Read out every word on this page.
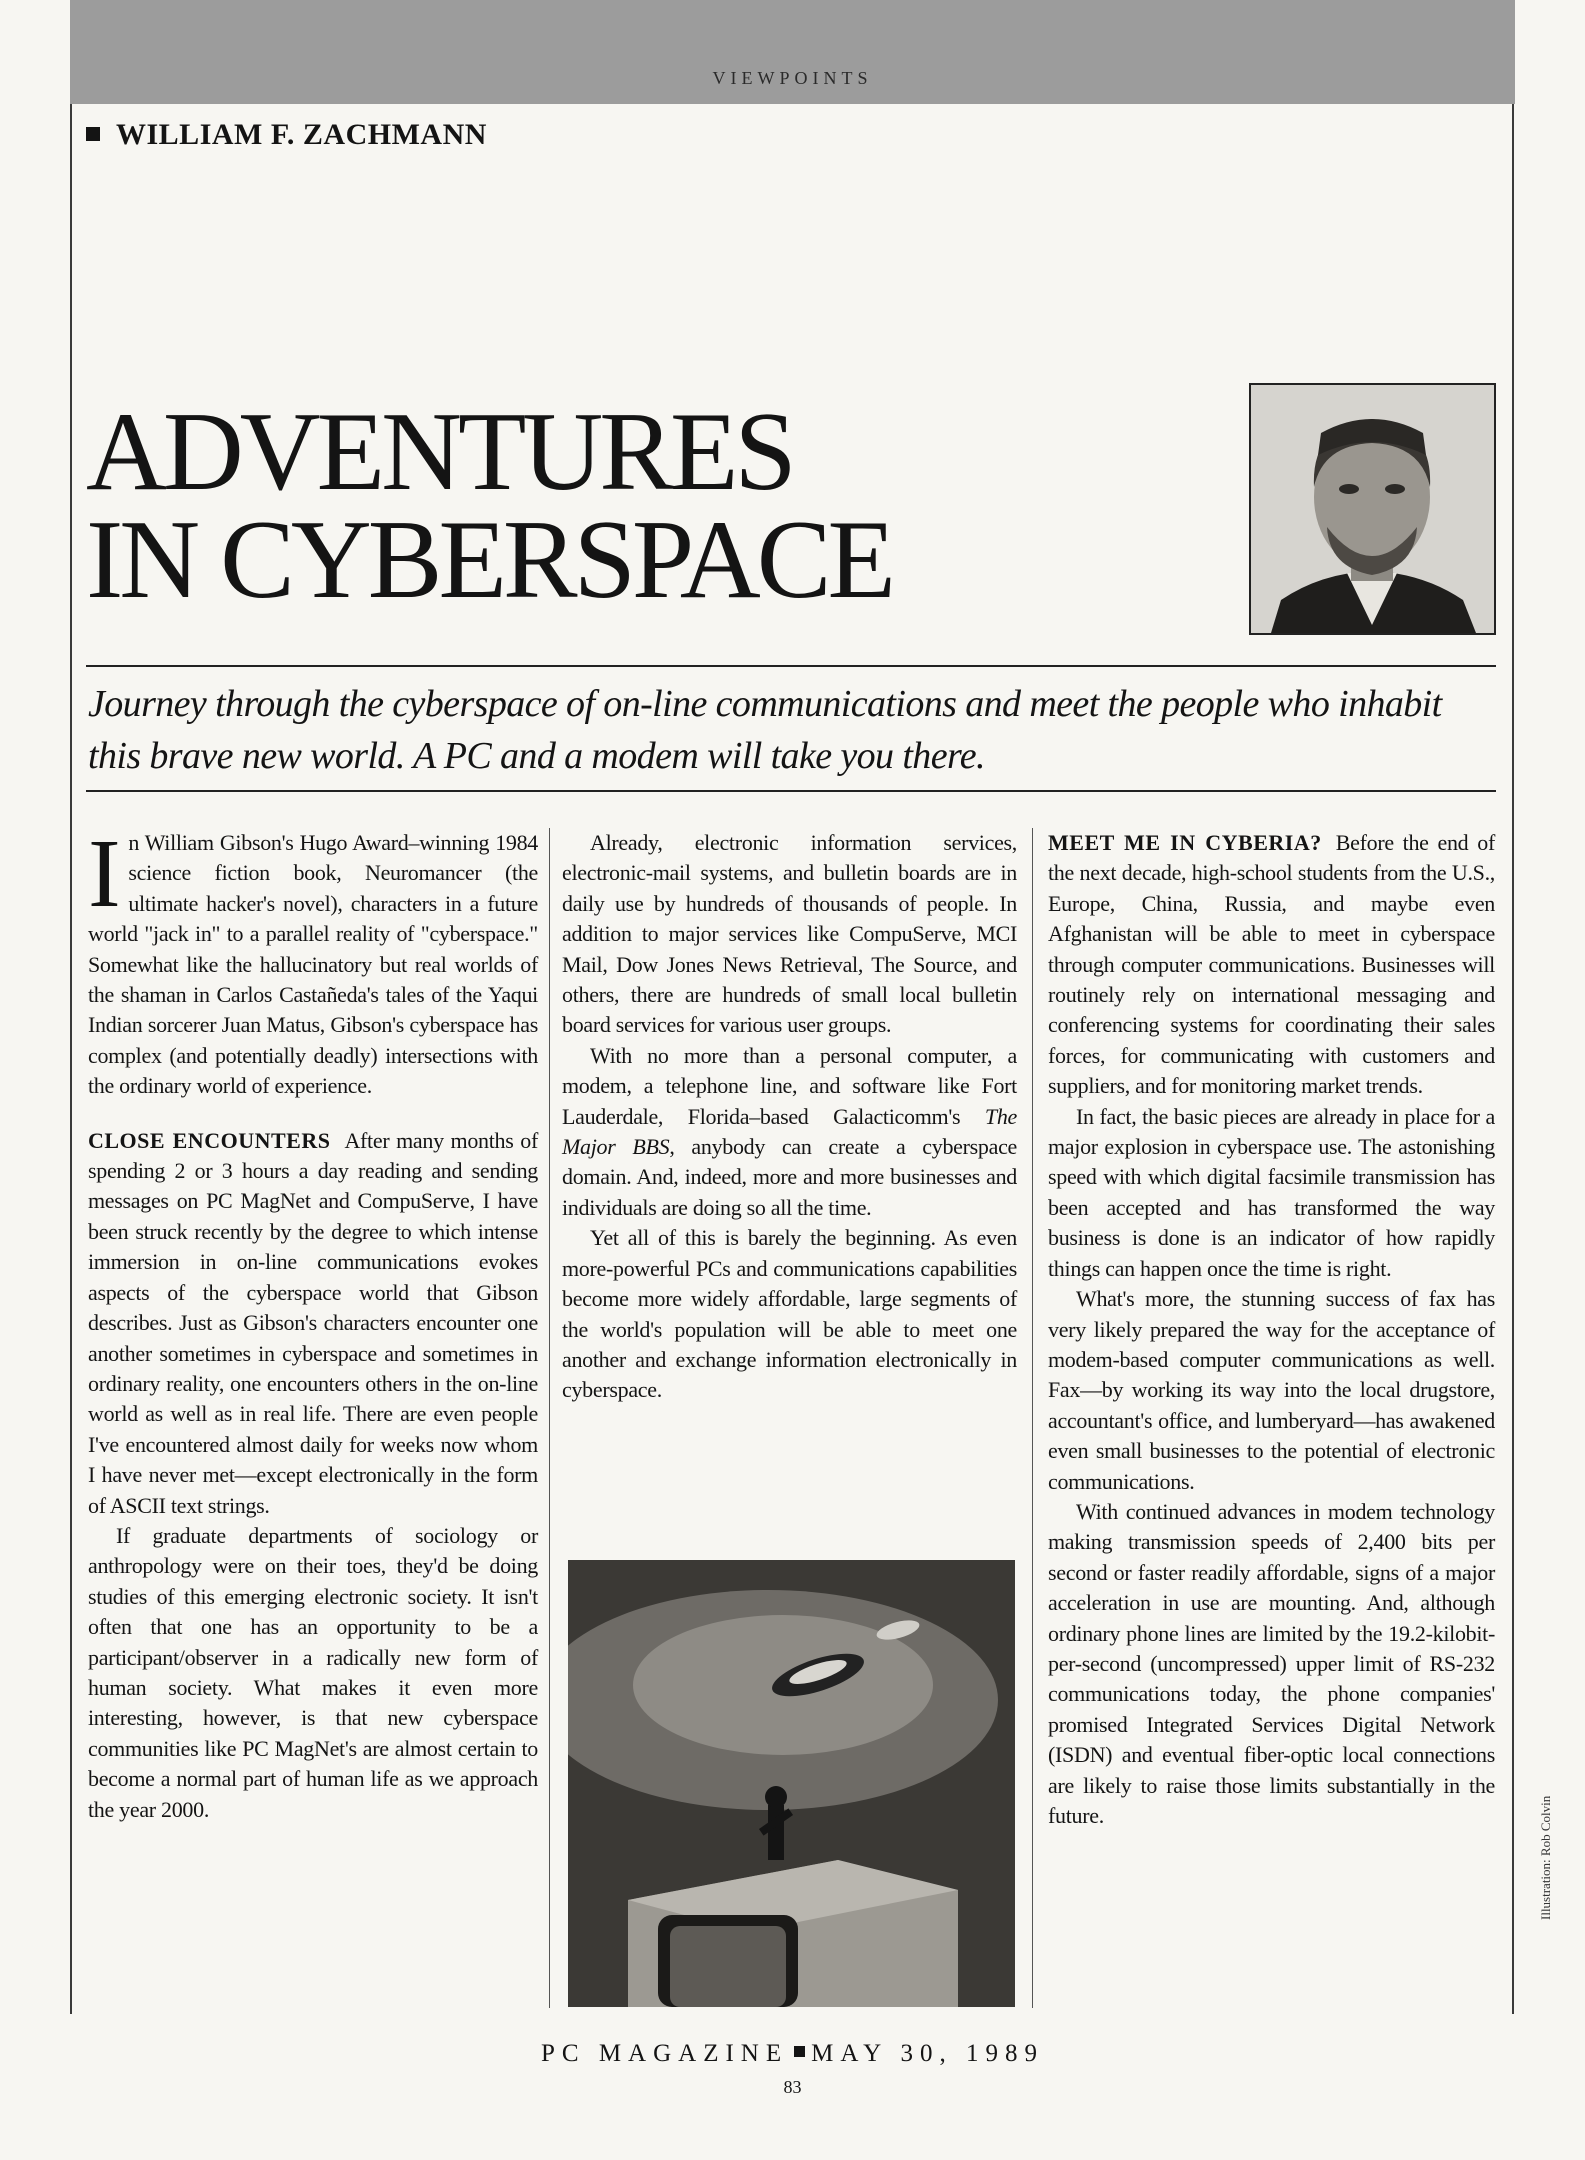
VIEWPOINTS
WILLIAM F. ZACHMANN
ADVENTURES
IN CYBERSPACE

Journey through the cyberspace of on-line communications and meet the people who inhabit

this brave new world. A PC and a modem will take you there.

In William Gibson's Hugo Award–winning 1984 science fiction book, Neuromancer (the ultimate hacker's novel), characters in a future world "jack in" to a parallel reality of "cyberspace." Somewhat like the hallucinatory but real worlds of the shaman in Carlos Castañeda's tales of the Yaqui Indian sorcerer Juan Matus, Gibson's cyberspace has complex (and potentially deadly) intersections with the ordinary world of experience.

CLOSE ENCOUNTERS After many months of spending 2 or 3 hours a day reading and sending messages on PC MagNet and CompuServe, I have been struck recently by the degree to which intense immersion in on-line communications evokes aspects of the cyberspace world that Gibson describes. Just as Gibson's characters encounter one another sometimes in cyberspace and sometimes in ordinary reality, one encounters others in the on-line world as well as in real life. There are even people I've encountered almost daily for weeks now whom I have never met—except electronically in the form of ASCII text strings.

If graduate departments of sociology or anthropology were on their toes, they'd be doing studies of this emerging electronic society. It isn't often that one has an opportunity to be a participant/observer in a radically new form of human society. What makes it even more interesting, however, is that new cyberspace communities like PC MagNet's are almost certain to become a normal part of human life as we approach the year 2000.

Already, electronic information services, electronic-mail systems, and bulletin boards are in daily use by hundreds of thousands of people. In addition to major services like CompuServe, MCI Mail, Dow Jones News Retrieval, The Source, and others, there are hundreds of small local bulletin board services for various user groups.

With no more than a personal computer, a modem, a telephone line, and software like Fort Lauderdale, Florida–based Galacticomm's The Major BBS, anybody can create a cyberspace domain. And, indeed, more and more businesses and individuals are doing so all the time.

Yet all of this is barely the beginning. As even more-powerful PCs and communications capabilities become more widely affordable, large segments of the world's population will be able to meet one another and exchange information electronically in cyberspace.

MEET ME IN CYBERIA? Before the end of the next decade, high-school students from the U.S., Europe, China, Russia, and maybe even Afghanistan will be able to meet in cyberspace through computer communications. Businesses will routinely rely on international messaging and conferencing systems for coordinating their sales forces, for communicating with customers and suppliers, and for monitoring market trends.

In fact, the basic pieces are already in place for a major explosion in cyberspace use. The astonishing speed with which digital facsimile transmission has been accepted and has transformed the way business is done is an indicator of how rapidly things can happen once the time is right.

What's more, the stunning success of fax has very likely prepared the way for the acceptance of modem-based computer communications as well. Fax—by working its way into the local drugstore, accountant's office, and lumberyard—has awakened even small businesses to the potential of electronic communications.

With continued advances in modem technology making transmission speeds of 2,400 bits per second or faster readily affordable, signs of a major acceleration in use are mounting. And, although ordinary phone lines are limited by the 19.2-kilobit-per-second (uncompressed) upper limit of RS-232 communications today, the phone companies' promised Integrated Services Digital Network (ISDN) and eventual fiber-optic local connections are likely to raise those limits substantially in the future.	Illustration: Rob Colvin
PC MAGAZINE MAY 30, 1989
83
